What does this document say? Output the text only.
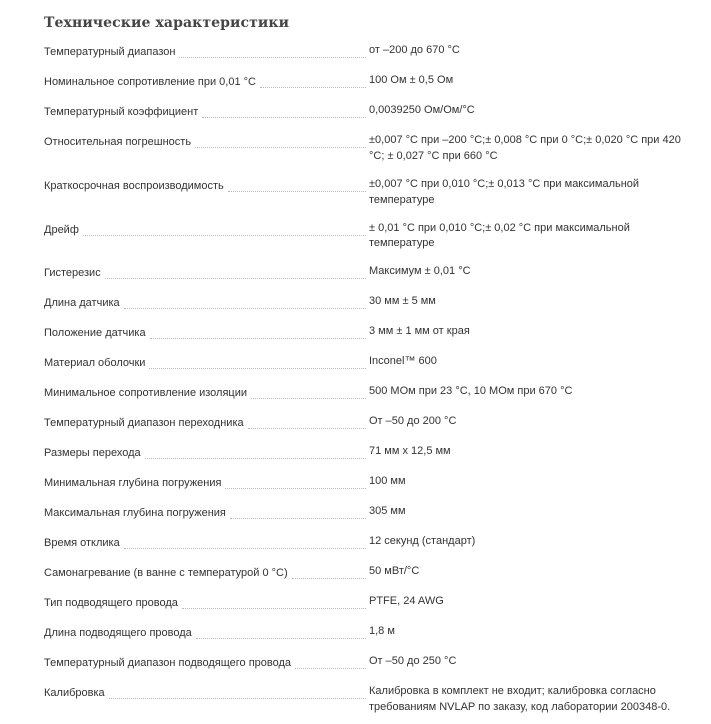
Технические характеристики
Температурный диапазон	от –200 до 670 °C
Номинальное сопротивление при 0,01 °C	100 Ом ± 0,5 Ом
Температурный коэффициент	0,0039250 Ом/Ом/°C
Относительная погрешность	±0,007 °C при –200 °C;± 0,008 °C при 0 °C;± 0,020 °C при 420 °C; ± 0,027 °C при 660 °C
Краткосрочная воспроизводимость	±0,007 °C при 0,010 °C;± 0,013 °C при максимальной температуре
Дрейф	± 0,01 °C при 0,010 °C;± 0,02 °C при максимальной температуре
Гистерезис	Максимум ± 0,01 °C
Длина датчика	30 мм ± 5 мм
Положение датчика	3 мм ± 1 мм от края
Материал оболочки	Inconel™ 600
Минимальное сопротивление изоляции	500 МОм при 23 °C, 10 МОм при 670 °C
Температурный диапазон переходника	От –50 до 200 °C
Размеры перехода	71 мм x 12,5 мм
Минимальная глубина погружения	100 мм
Максимальная глубина погружения	305 мм
Время отклика	12 секунд (стандарт)
Самонагревание (в ванне с температурой 0 °C)	50 мВт/°C
Тип подводящего провода	PTFE, 24 AWG
Длина подводящего провода	1,8 м
Температурный диапазон подводящего провода	От –50 до 250 °C
Калибровка	Калибровка в комплект не входит; калибровка согласно требованиям NVLAP по заказу, код лаборатории 200348-0.
